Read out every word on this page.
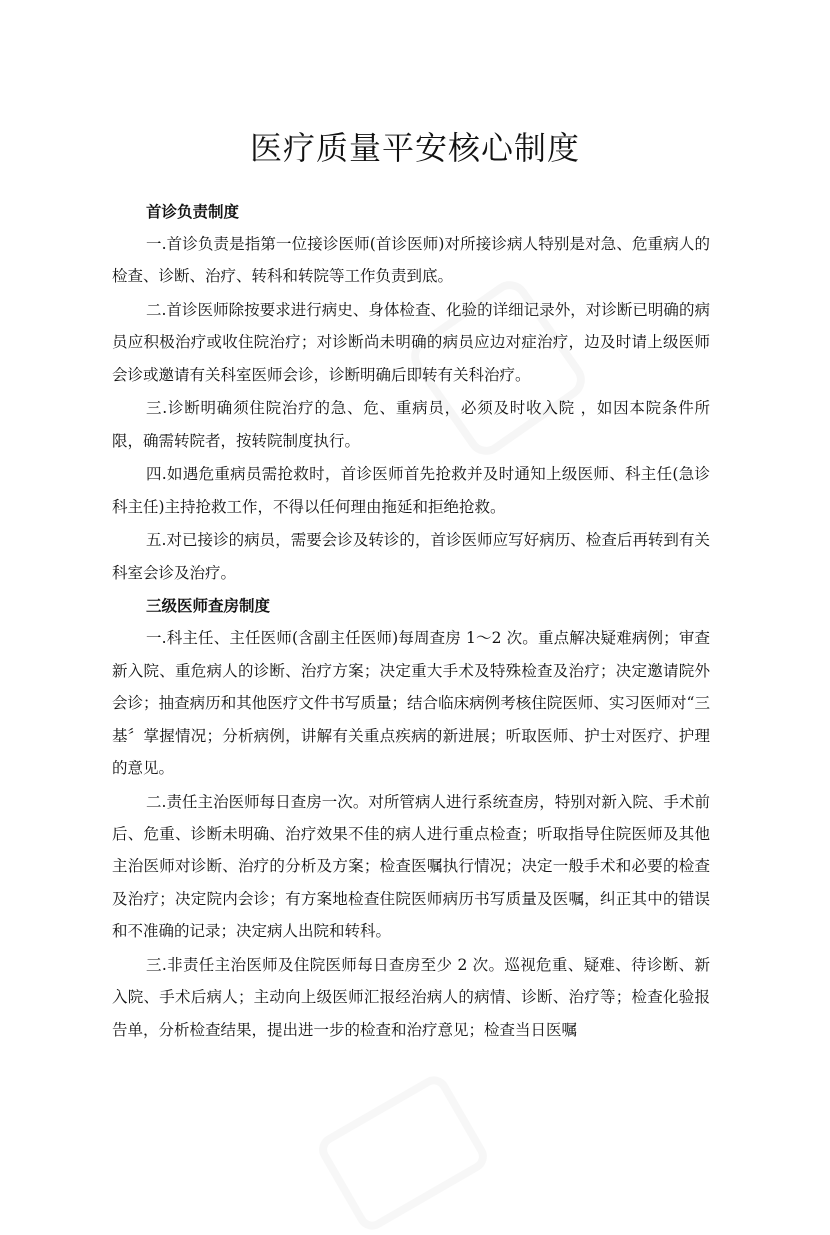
医疗质量平安核心制度
首诊负责制度

一.首诊负责是指第一位接诊医师(首诊医师)对所接诊病人特别是对急、危重病人的检查、诊断、治疗、转科和转院等工作负责到底。

二.首诊医师除按要求进行病史、身体检查、化验的详细记录外，对诊断已明确的病员应积极治疗或收住院治疗；对诊断尚未明确的病员应边对症治疗，边及时请上级医师会诊或邀请有关科室医师会诊，诊断明确后即转有关科治疗。

三.诊断明确须住院治疗的急、危、重病员，必须及时收入院 ，如因本院条件所限，确需转院者，按转院制度执行。

四.如遇危重病员需抢救时，首诊医师首先抢救并及时通知上级医师、科主任(急诊科主任)主持抢救工作，不得以任何理由拖延和拒绝抢救。

五.对已接诊的病员，需要会诊及转诊的，首诊医师应写好病历、检查后再转到有关科室会诊及治疗。

三级医师查房制度

一.科主任、主任医师(含副主任医师)每周查房 1～2 次。重点解决疑难病例；审查新入院、重危病人的诊断、治疗方案；决定重大手术及特殊检查及治疗；决定邀请院外会诊；抽查病历和其他医疗文件书写质量；结合临床病例考核住院医师、实习医师对“三基〞掌握情况；分析病例，讲解有关重点疾病的新进展；听取医师、护士对医疗、护理的意见。

二.责任主治医师每日查房一次。对所管病人进行系统查房，特别对新入院、手术前后、危重、诊断未明确、治疗效果不佳的病人进行重点检查；听取指导住院医师及其他主治医师对诊断、治疗的分析及方案；检查医嘱执行情况；决定一般手术和必要的检查及治疗；决定院内会诊；有方案地检查住院医师病历书写质量及医嘱，纠正其中的错误和不准确的记录；决定病人出院和转科。

三.非责任主治医师及住院医师每日查房至少 2 次。巡视危重、疑难、待诊断、新入院、手术后病人；主动向上级医师汇报经治病人的病情、诊断、治疗等；检查化验报告单，分析检查结果，提出进一步的检查和治疗意见；检查当日医嘱
